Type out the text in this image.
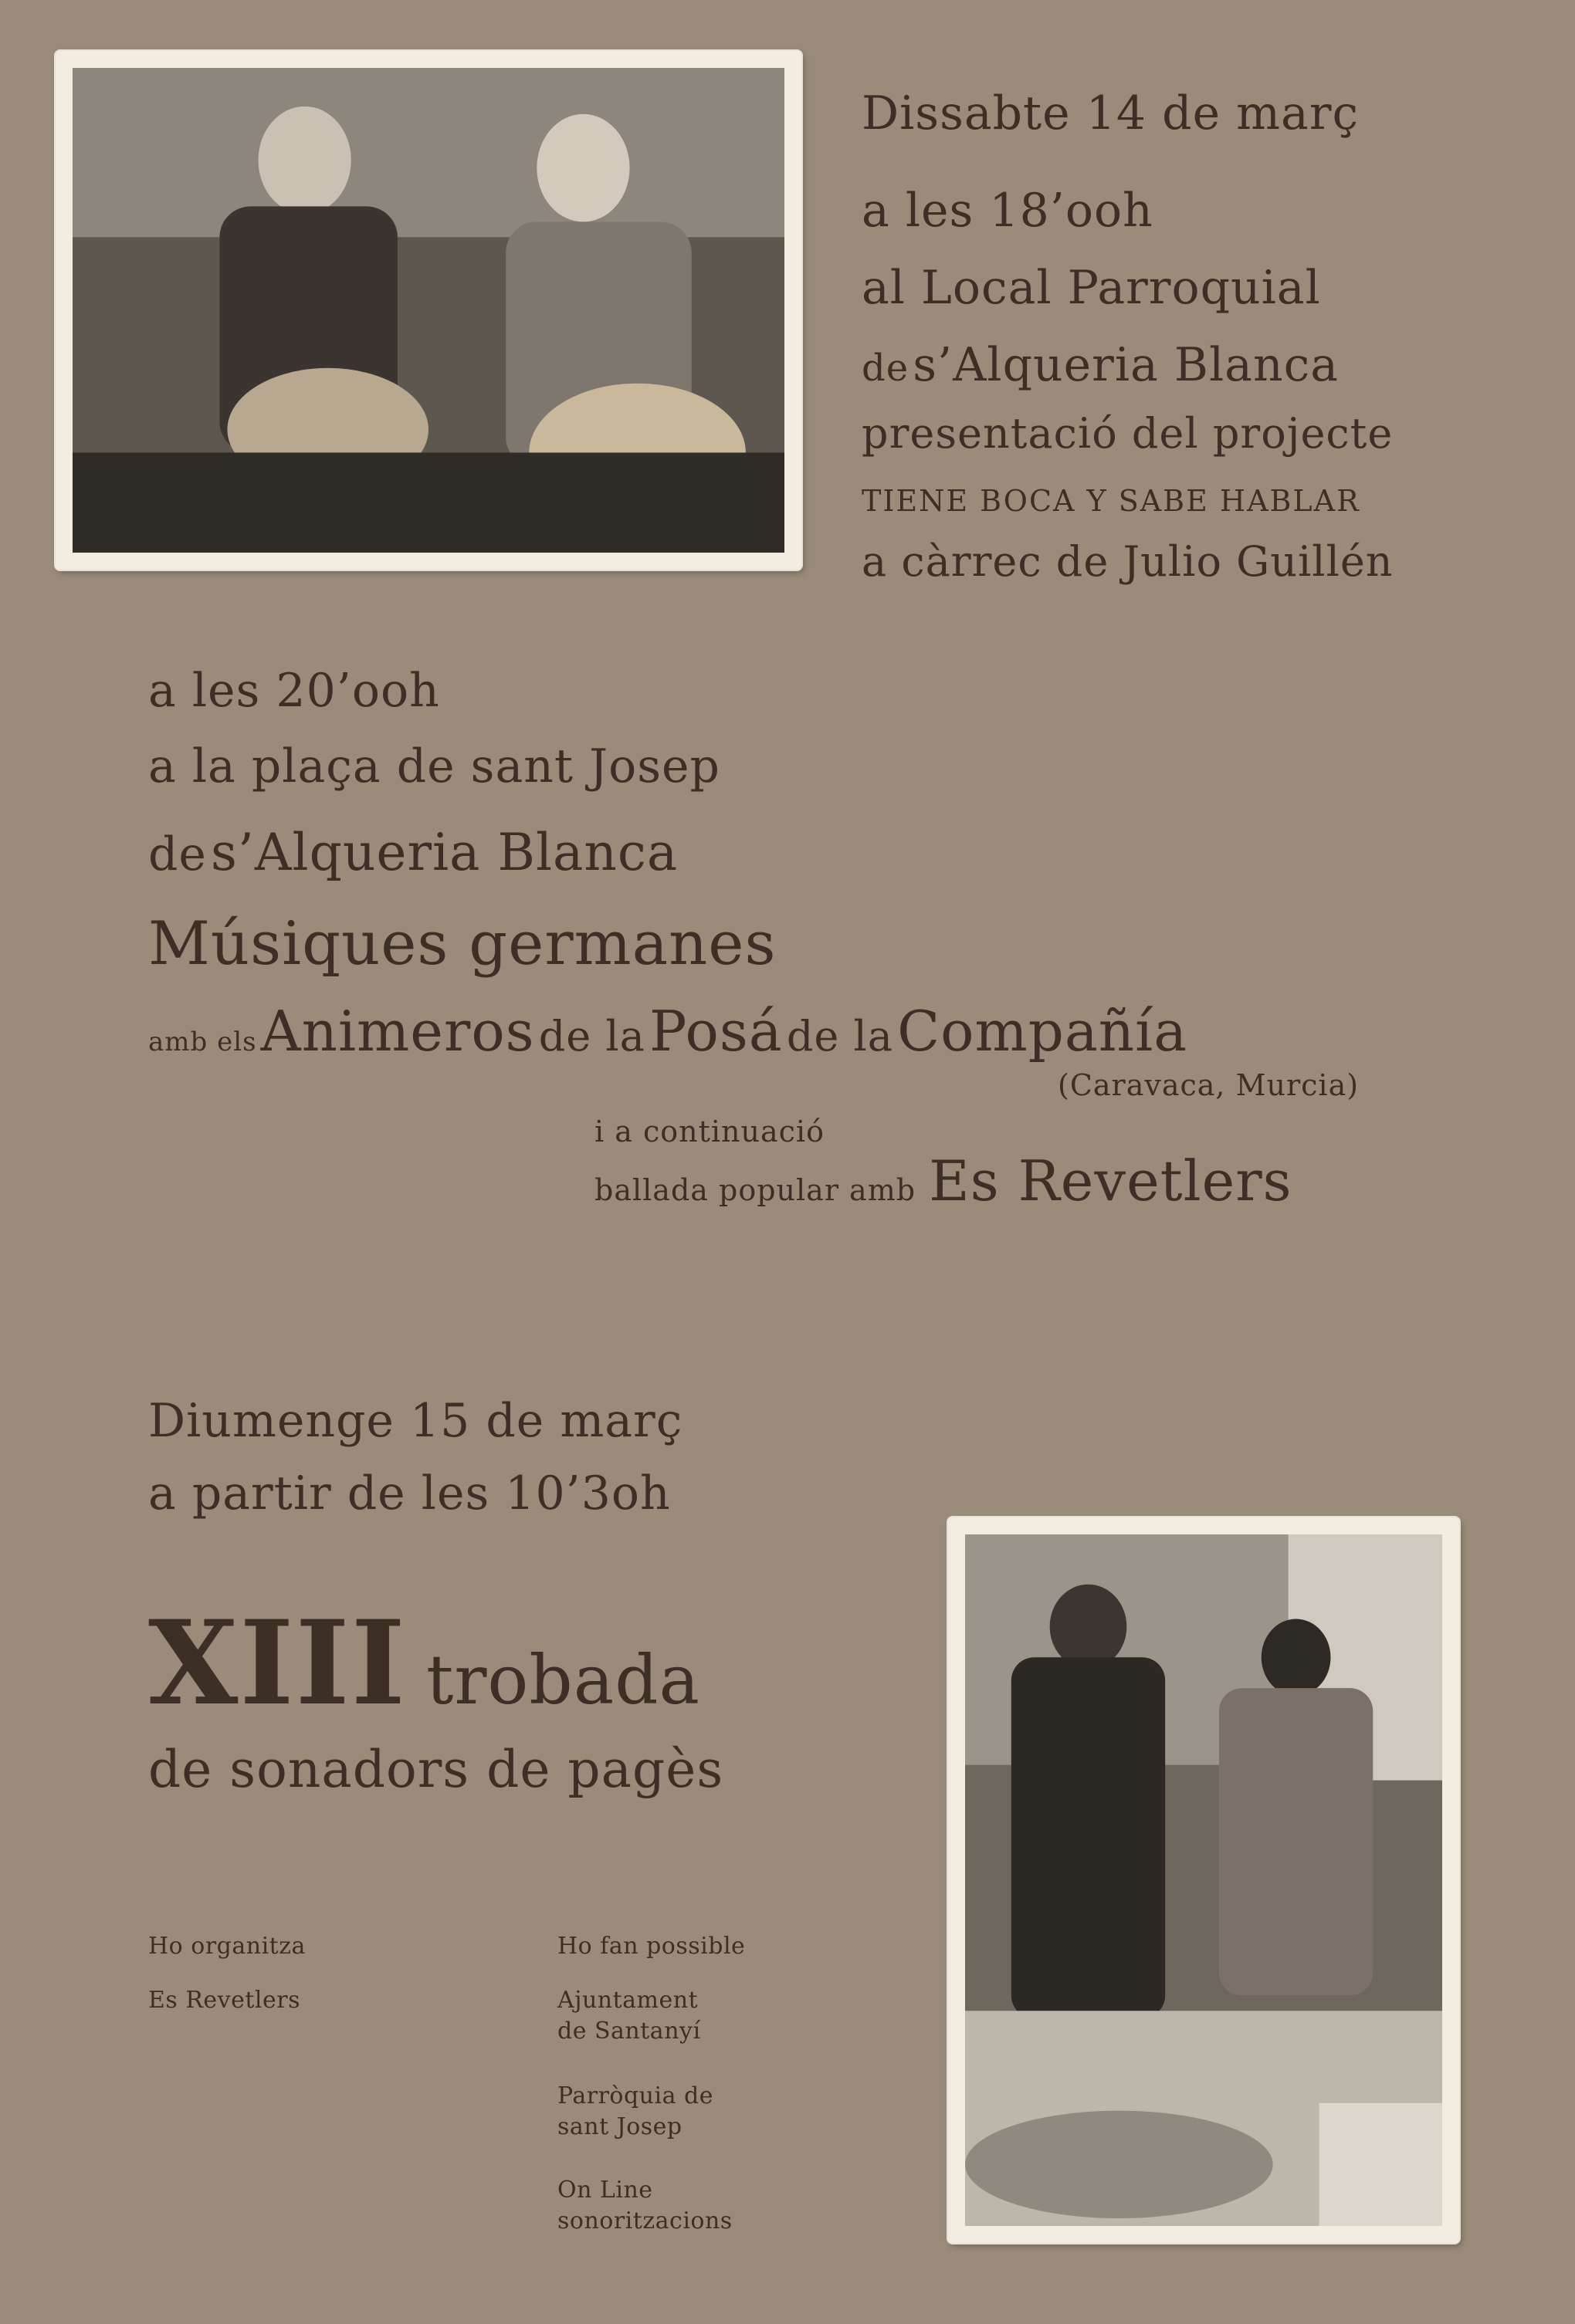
Dissabte 14 de març
a les 18’ooh
al Local Parroquial
de s’Alqueria Blanca
presentació del projecte
TIENE BOCA Y SABE HABLAR
a càrrec de Julio Guillén
a les 20’ooh
a la plaça de sant Josep
de s’Alqueria Blanca
Músiques germanes
amb els Animeros de la Posá de la Compañía
(Caravaca, Murcia)
i a continuació
ballada popular amb Es Revetlers
Diumenge 15 de març
a partir de les 10’3oh
XIII trobada
de sonadors de pagès
Ho organitza
Es Revetlers
Ho fan possible
Ajuntament
de Santanyí
Parròquia de
sant Josep
On Line
sonoritzacions
